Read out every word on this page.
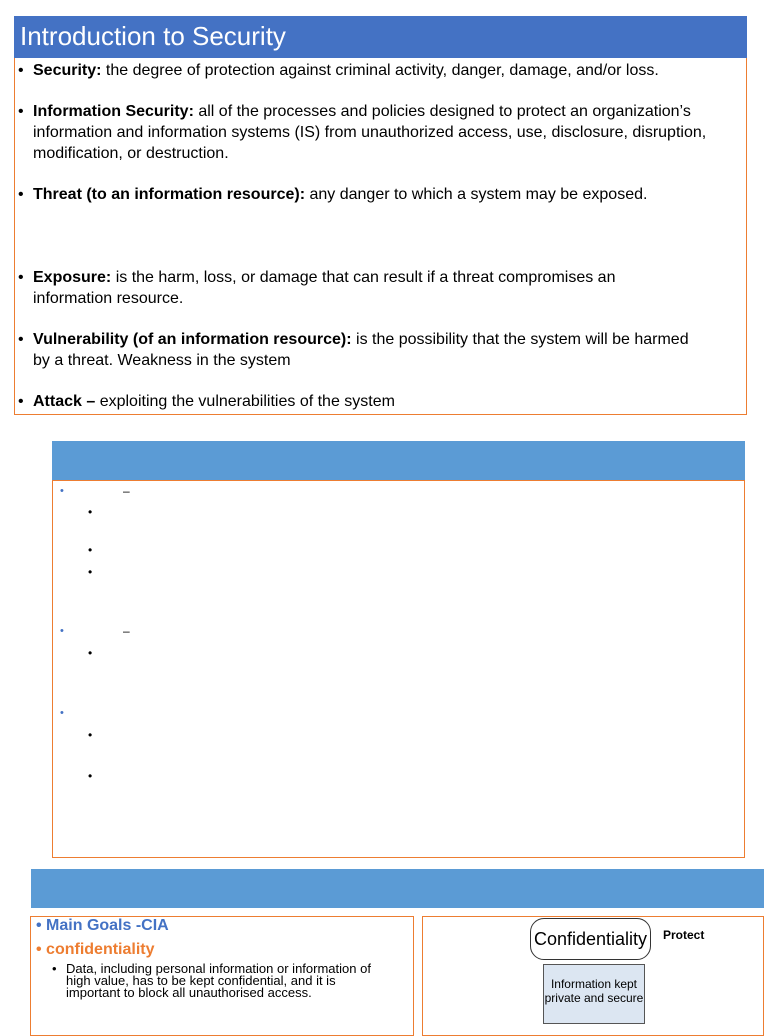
Introduction to Security
• Security: the degree of protection against criminal activity, danger, damage, and/or loss.
• Information Security: all of the processes and policies designed to protect an organization’s information and information systems (IS) from unauthorized access, use, disclosure, disruption, modification, or destruction.
• Threat (to an information resource): any danger to which a system may be exposed.
• Exposure: is the harm, loss, or damage that can result if a threat compromises an information resource.
• Vulnerability (of an information resource): is the possibility that the system will be harmed by a threat. Weakness in the system
• Attack – exploiting the vulnerabilities of the system
•	–
•
•
•
•	–
•
•
•
•
• Main Goals -CIA
• confidentiality
• Data, including personal information or information of high value, has to be kept confidential, and it is important to block all unauthorised access.
Confidentiality	Protect
Information kept private and secure
